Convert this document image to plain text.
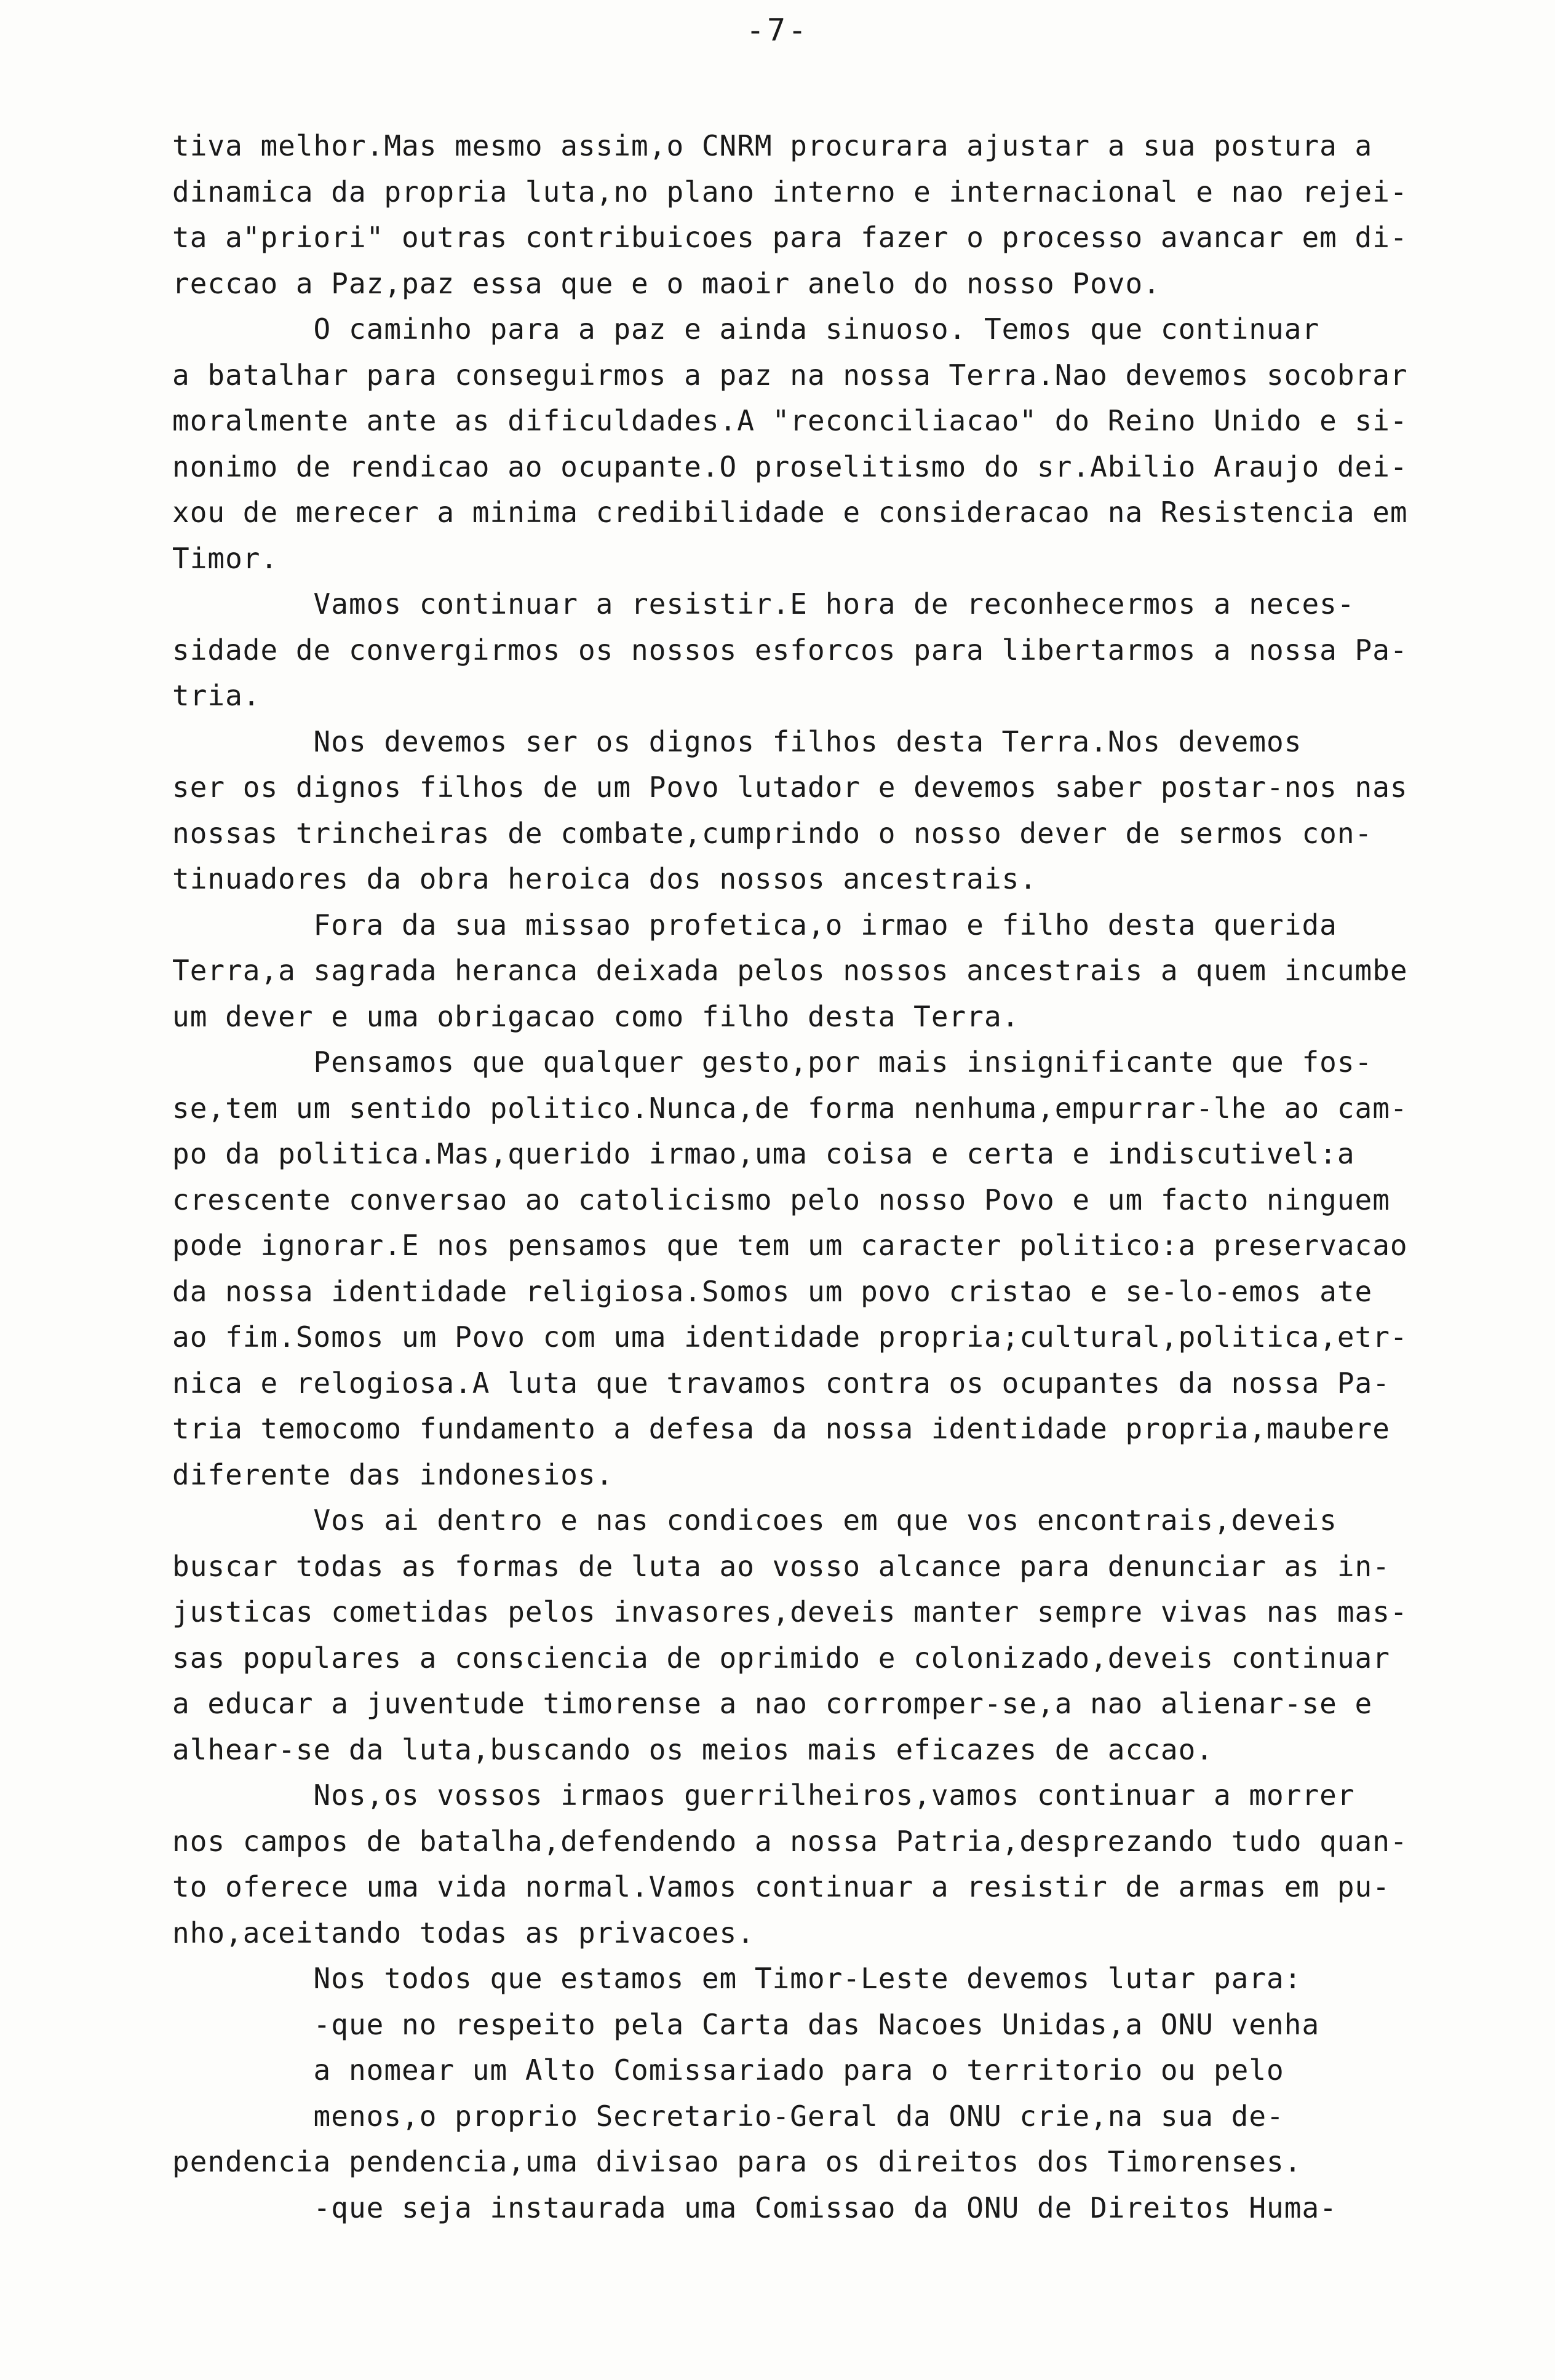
-7-
tiva melhor.Mas mesmo assim,o CNRM procurara ajustar a sua postura a
dinamica da propria luta,no plano interno e internacional e nao rejei-
ta a"priori" outras contribuicoes para fazer o processo avancar em di-
reccao a Paz,paz essa que e o maoir anelo do nosso Povo.
O caminho para a paz e ainda sinuoso. Temos que continuar
a batalhar para conseguirmos a paz na nossa Terra.Nao devemos socobrar
moralmente ante as dificuldades.A "reconciliacao" do Reino Unido e si-
nonimo de rendicao ao ocupante.O proselitismo do sr.Abilio Araujo dei-
xou de merecer a minima credibilidade e consideracao na Resistencia em
Timor.
Vamos continuar a resistir.E hora de reconhecermos a neces-
sidade de convergirmos os nossos esforcos para libertarmos a nossa Pa-
tria.
Nos devemos ser os dignos filhos desta Terra.Nos devemos
ser os dignos filhos de um Povo lutador e devemos saber postar-nos nas
nossas trincheiras de combate,cumprindo o nosso dever de sermos con-
tinuadores da obra heroica dos nossos ancestrais.
Fora da sua missao profetica,o irmao e filho desta querida
Terra,a sagrada heranca deixada pelos nossos ancestrais a quem incumbe
um dever e uma obrigacao como filho desta Terra.
Pensamos que qualquer gesto,por mais insignificante que fos-
se,tem um sentido politico.Nunca,de forma nenhuma,empurrar-lhe ao cam-
po da politica.Mas,querido irmao,uma coisa e certa e indiscutivel:a
crescente conversao ao catolicismo pelo nosso Povo e um facto ninguem
pode ignorar.E nos pensamos que tem um caracter politico:a preservacao
da nossa identidade religiosa.Somos um povo cristao e se-lo-emos ate
ao fim.Somos um Povo com uma identidade propria;cultural,politica,etr-
nica e relogiosa.A luta que travamos contra os ocupantes da nossa Pa-
tria temocomo fundamento a defesa da nossa identidade propria,maubere
diferente das indonesios.
Vos ai dentro e nas condicoes em que vos encontrais,deveis
buscar todas as formas de luta ao vosso alcance para denunciar as in-
justicas cometidas pelos invasores,deveis manter sempre vivas nas mas-
sas populares a consciencia de oprimido e colonizado,deveis continuar
a educar a juventude timorense a nao corromper-se,a nao alienar-se e
alhear-se da luta,buscando os meios mais eficazes de accao.
Nos,os vossos irmaos guerrilheiros,vamos continuar a morrer
nos campos de batalha,defendendo a nossa Patria,desprezando tudo quan-
to oferece uma vida normal.Vamos continuar a resistir de armas em pu-
nho,aceitando todas as privacoes.
Nos todos que estamos em Timor-Leste devemos lutar para:
-que no respeito pela Carta das Nacoes Unidas,a ONU venha
a nomear um Alto Comissariado para o territorio ou pelo
menos,o proprio Secretario-Geral da ONU crie,na sua de-
pendencia pendencia,uma divisao para os direitos dos Timorenses.
-que seja instaurada uma Comissao da ONU de Direitos Huma-
